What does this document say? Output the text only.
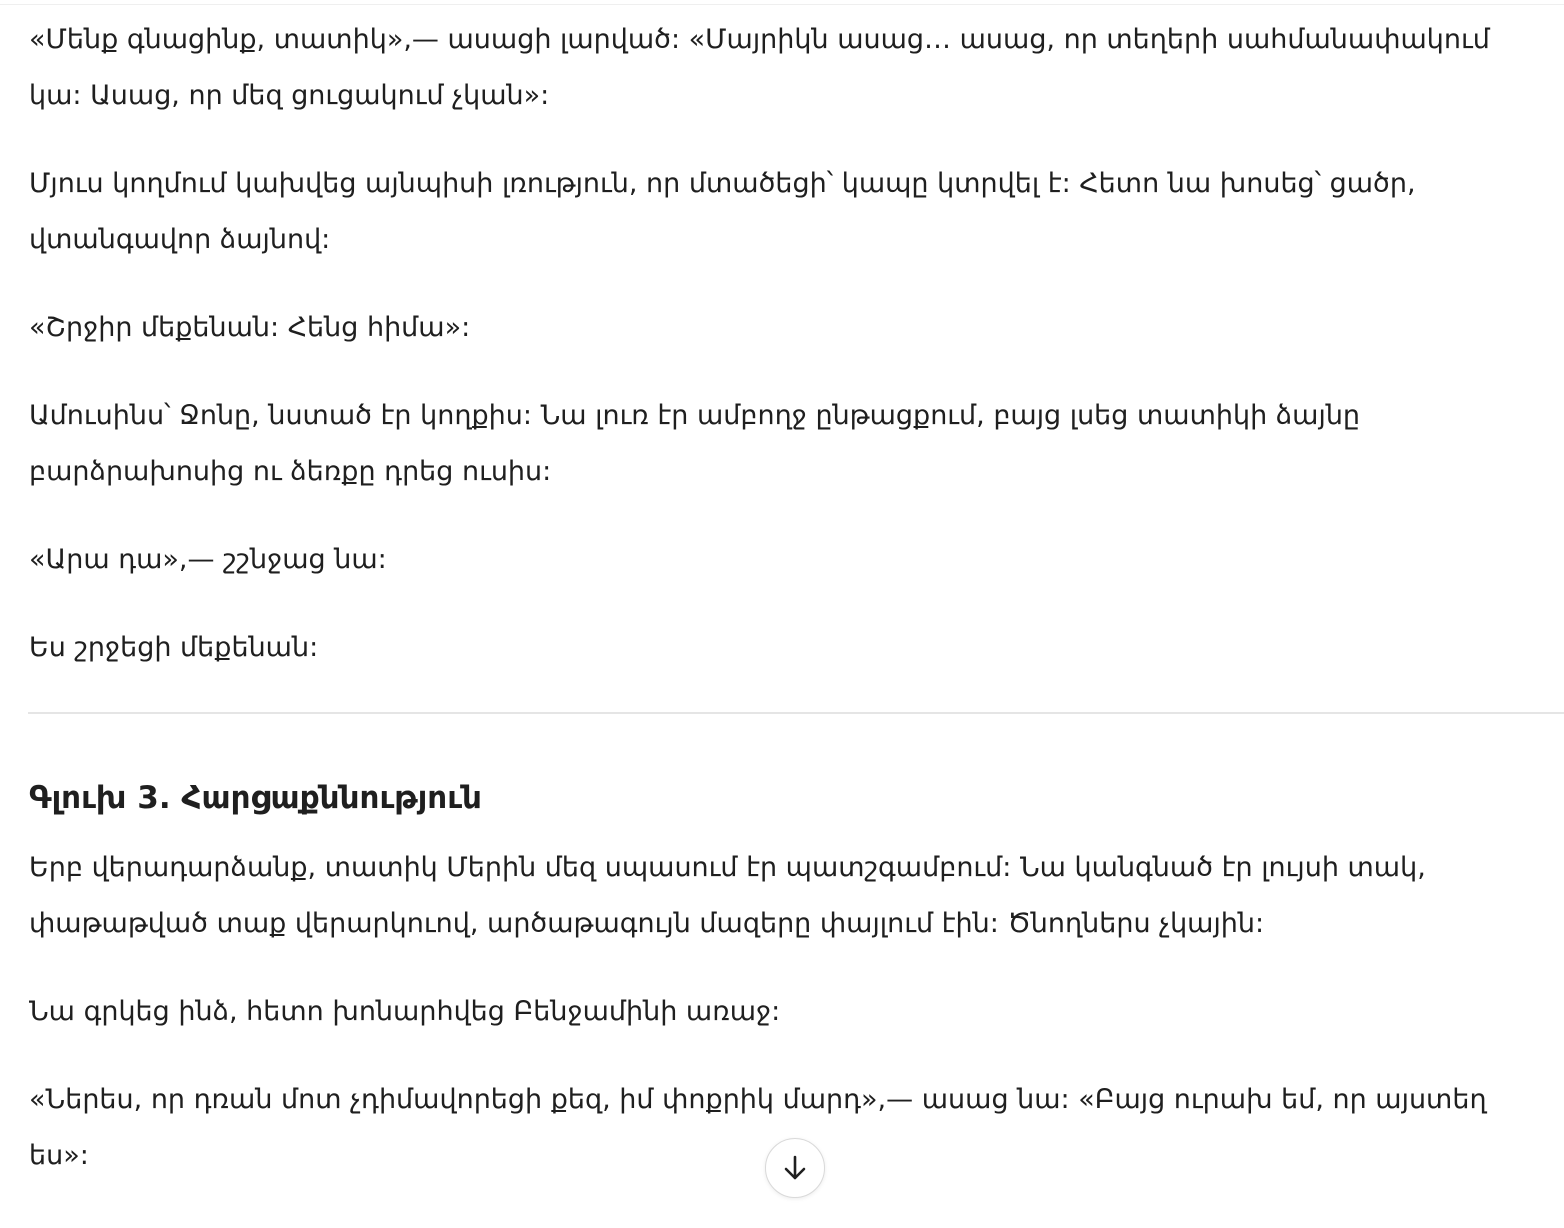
«Մենք գնացինք, տատիկ»,— ասացի լարված: «Մայրիկն ասաց… ասաց, որ տեղերի սահմանափակում կա: Ասաց, որ մեզ ցուցակում չկան»:

Մյուս կողմում կախվեց այնպիսի լռություն, որ մտածեցի՝ կապը կտրվել է: Հետո նա խոսեց՝ ցածր, վտանգավոր ձայնով:

«Շրջիր մեքենան: Հենց հիմա»:

Ամուսինս՝ Ջոնը, նստած էր կողքիս: Նա լուռ էր ամբողջ ընթացքում, բայց լսեց տատիկի ձայնը բարձրախոսից ու ձեռքը դրեց ուսիս:

«Արա դա»,— շշնջաց նա:

Ես շրջեցի մեքենան:

Գլուխ 3. Հարցաքննություն

Երբ վերադարձանք, տատիկ Մերին մեզ սպասում էր պատշգամբում: Նա կանգնած էր լույսի տակ, փաթաթված տաք վերարկուով, արծաթագույն մազերը փայլում էին: Ծնողներս չկային:

Նա գրկեց ինձ, հետո խոնարհվեց Բենջամինի առաջ:

«Ներես, որ դռան մոտ չդիմավորեցի քեզ, իմ փոքրիկ մարդ»,— ասաց նա: «Բայց ուրախ եմ, որ այստեղ ես»:
